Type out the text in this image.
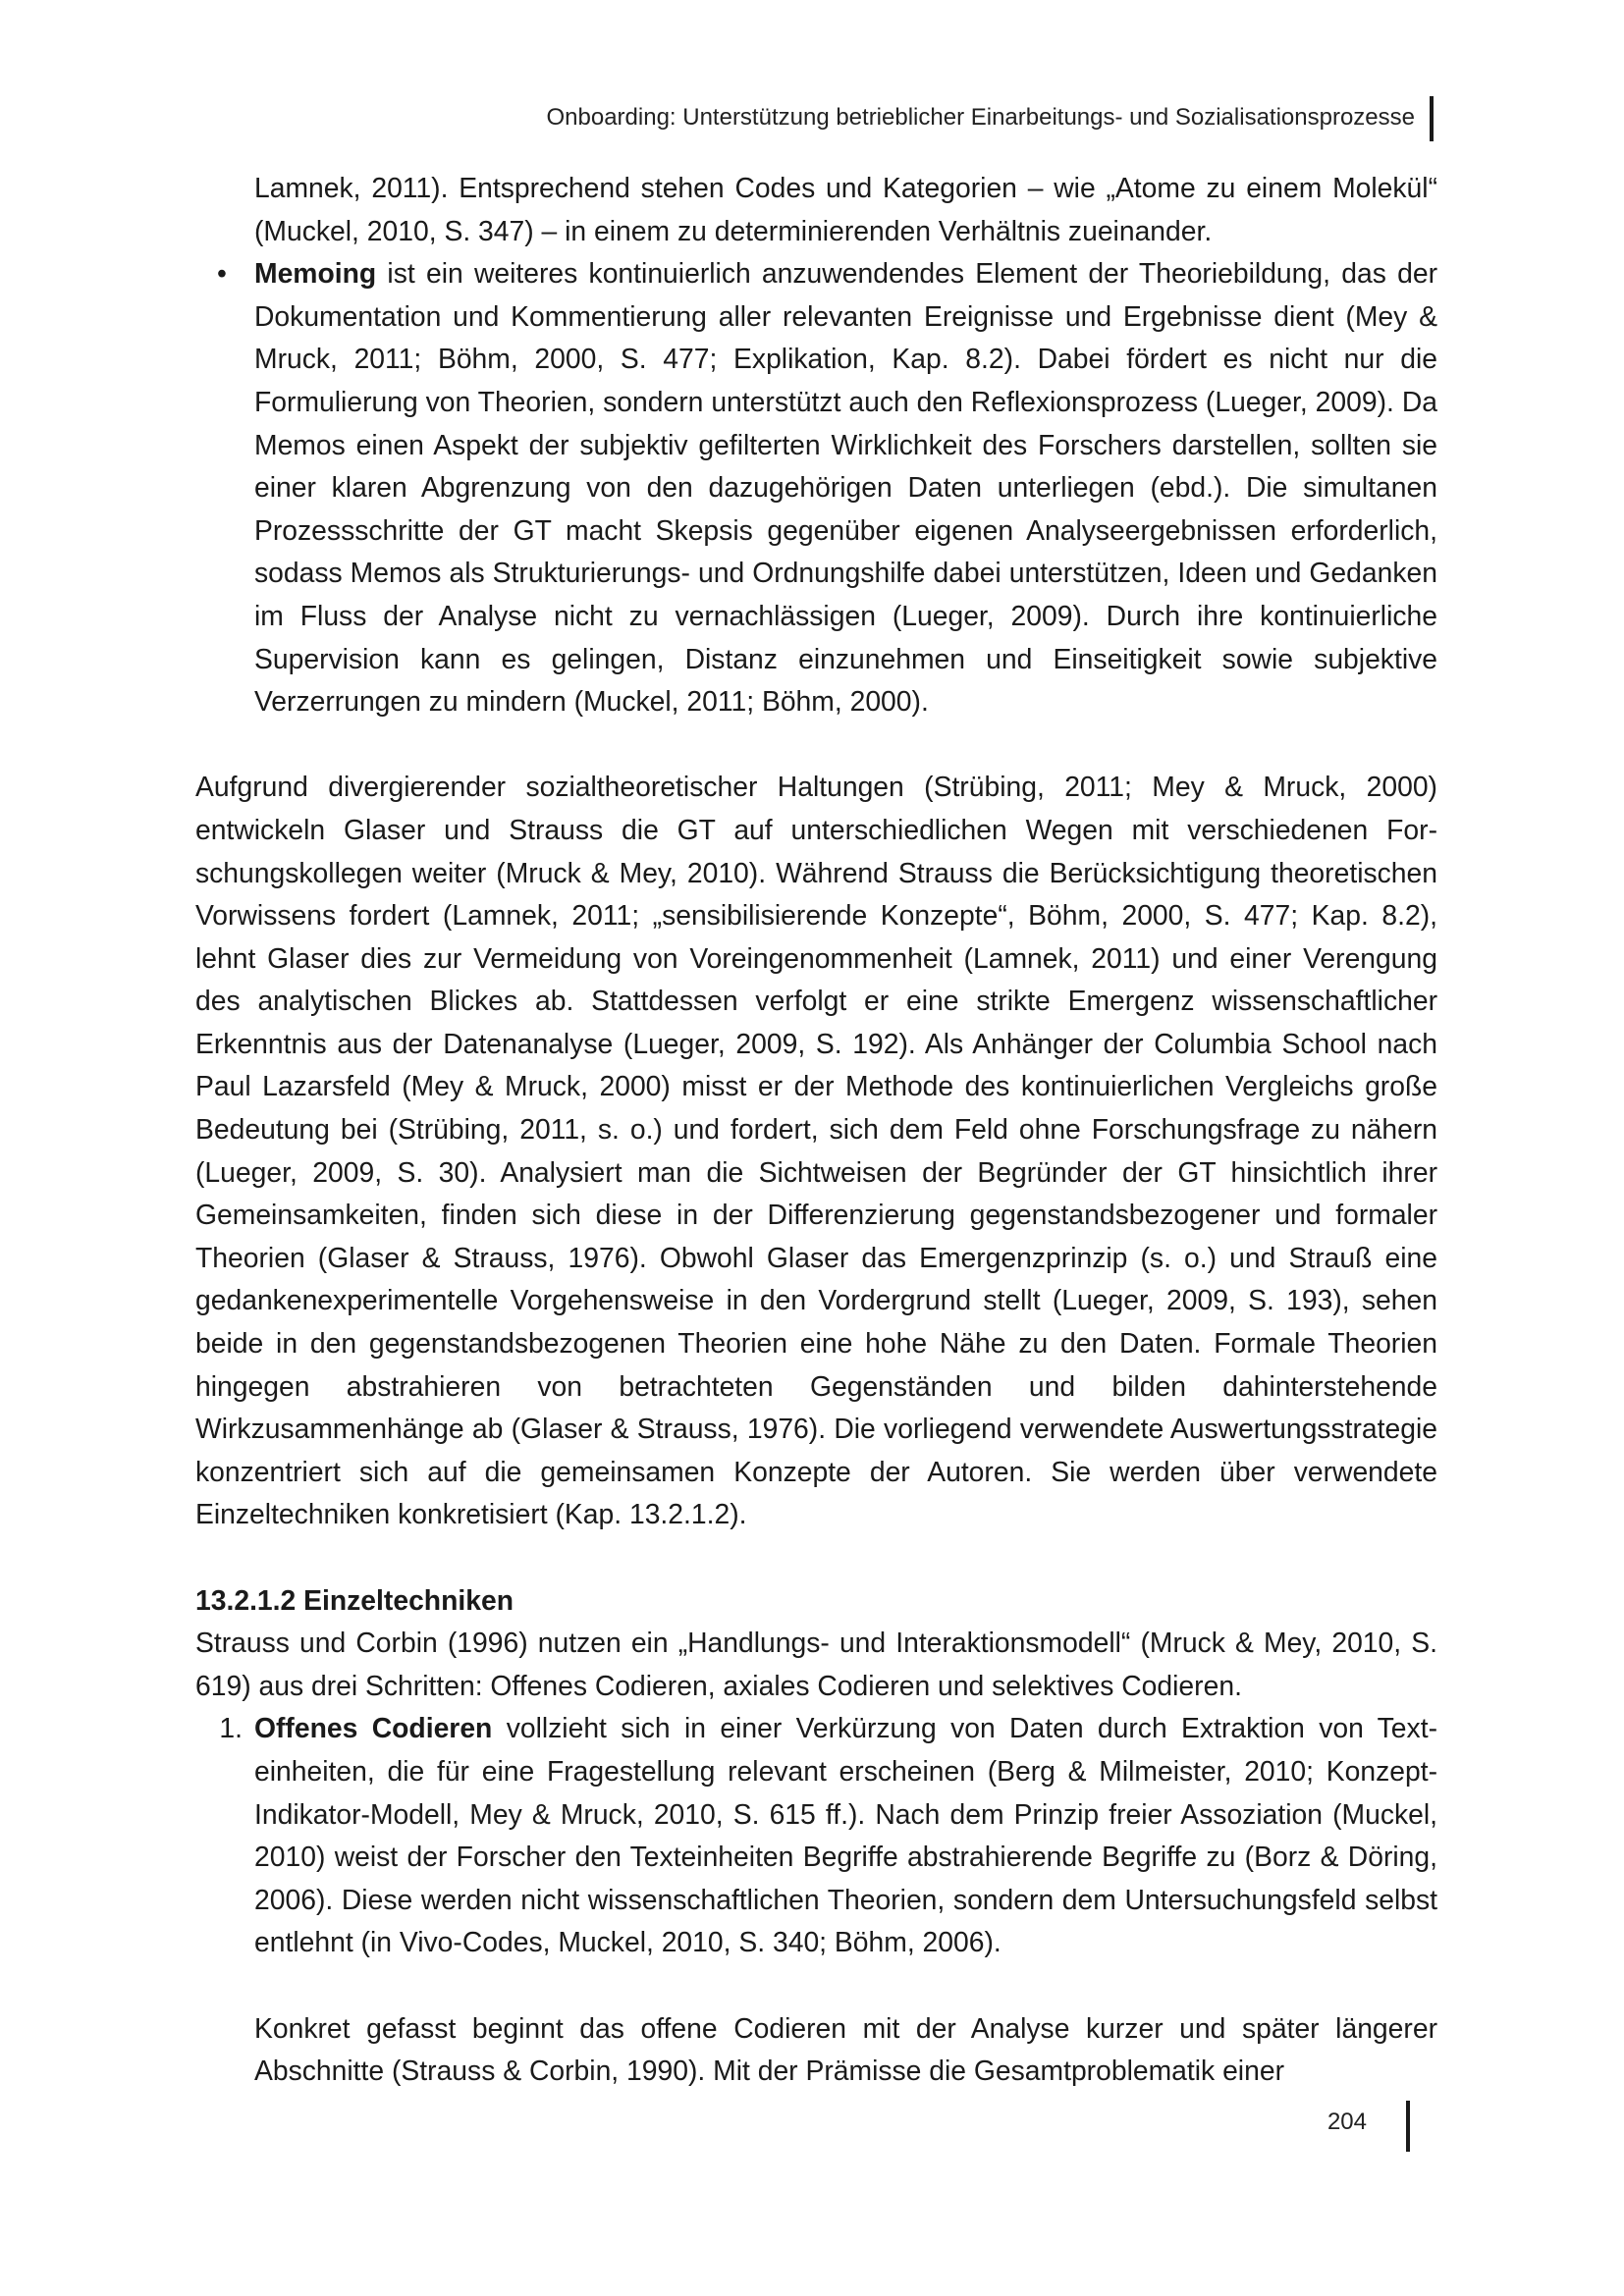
Onboarding: Unterstützung betrieblicher Einarbeitungs- und Sozialisationsprozesse

Lamnek, 2011). Entsprechend stehen Codes und Kategorien – wie „Atome zu einem Molekül“ (Muckel, 2010, S. 347) – in einem zu determinierenden Verhältnis zueinander.

• Memoing ist ein weiteres kontinuierlich anzuwendendes Element der Theoriebildung, das der Dokumentation und Kommentierung aller relevanten Ereignisse und Ergebnisse dient (Mey & Mruck, 2011; Böhm, 2000, S. 477; Explikation, Kap. 8.2). Dabei fördert es nicht nur die Formulierung von Theorien, sondern unterstützt auch den Reflexionsprozess (Lueger, 2009). Da Memos einen Aspekt der subjektiv gefilterten Wirklichkeit des Forschers darstellen, sollten sie einer klaren Abgrenzung von den dazugehörigen Daten unterliegen (ebd.). Die simultanen Prozessschritte der GT macht Skepsis gegenüber eigenen Analyseergebnissen erforderlich, sodass Memos als Strukturierungs- und Ordnungshilfe dabei unterstützen, Ideen und Gedanken im Fluss der Analyse nicht zu vernachlässigen (Lueger, 2009). Durch ihre kontinuierliche Supervision kann es gelingen, Distanz einzunehmen und Einseitigkeit sowie subjektive Verzerrungen zu mindern (Muckel, 2011; Böhm, 2000).

Aufgrund divergierender sozialtheoretischer Haltungen (Strübing, 2011; Mey & Mruck, 2000) entwickeln Glaser und Strauss die GT auf unterschiedlichen Wegen mit verschiedenen Forschungskollegen weiter (Mruck & Mey, 2010). Während Strauss die Berücksichtigung theoretischen Vorwissens fordert (Lamnek, 2011; „sensibilisierende Konzepte“, Böhm, 2000, S. 477; Kap. 8.2), lehnt Glaser dies zur Vermeidung von Voreingenommenheit (Lamnek, 2011) und einer Verengung des analytischen Blickes ab. Stattdessen verfolgt er eine strikte Emergenz wissenschaftlicher Erkenntnis aus der Datenanalyse (Lueger, 2009, S. 192). Als Anhänger der Columbia School nach Paul Lazarsfeld (Mey & Mruck, 2000) misst er der Methode des kontinuierlichen Vergleichs große Bedeutung bei (Strübing, 2011, s. o.) und fordert, sich dem Feld ohne Forschungsfrage zu nähern (Lueger, 2009, S. 30). Analysiert man die Sichtweisen der Begründer der GT hinsichtlich ihrer Gemeinsamkeiten, finden sich diese in der Differenzierung gegenstandsbezogener und formaler Theorien (Glaser & Strauss, 1976). Obwohl Glaser das Emergenzprinzip (s. o.) und Strauß eine gedankenexperimentelle Vorgehensweise in den Vordergrund stellt (Lueger, 2009, S. 193), sehen beide in den gegenstandsbezogenen Theorien eine hohe Nähe zu den Daten. Formale Theorien hingegen abstrahieren von betrachteten Gegenständen und bilden dahinterstehende Wirkzusammenhänge ab (Glaser & Strauss, 1976). Die vorliegend verwendete Auswertungsstrategie konzentriert sich auf die gemeinsamen Konzepte der Autoren. Sie werden über verwendete Einzeltechniken konkretisiert (Kap. 13.2.1.2).

13.2.1.2 Einzeltechniken

Strauss und Corbin (1996) nutzen ein „Handlungs- und Interaktionsmodell“ (Mruck & Mey, 2010, S. 619) aus drei Schritten: Offenes Codieren, axiales Codieren und selektives Codieren.

1. Offenes Codieren vollzieht sich in einer Verkürzung von Daten durch Extraktion von Texteinheiten, die für eine Fragestellung relevant erscheinen (Berg & Milmeister, 2010; Konzept-Indikator-Modell, Mey & Mruck, 2010, S. 615 ff.). Nach dem Prinzip freier Assoziation (Muckel, 2010) weist der Forscher den Texteinheiten Begriffe abstrahierende Begriffe zu (Borz & Döring, 2006). Diese werden nicht wissenschaftlichen Theorien, sondern dem Untersuchungsfeld selbst entlehnt (in Vivo-Codes, Muckel, 2010, S. 340; Böhm, 2006).

Konkret gefasst beginnt das offene Codieren mit der Analyse kurzer und später längerer Abschnitte (Strauss & Corbin, 1990). Mit der Prämisse die Gesamtproblematik einer

204
